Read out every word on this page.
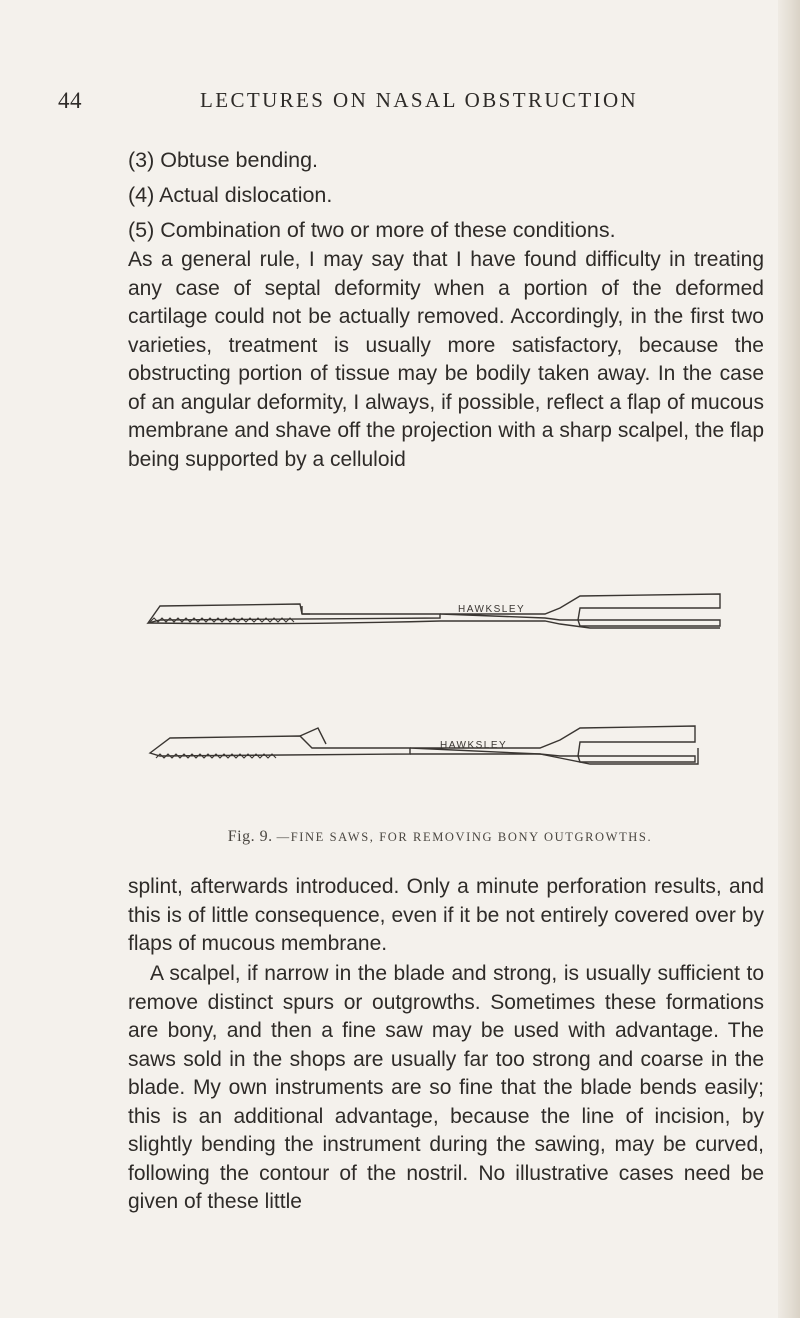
44	LECTURES ON NASAL OBSTRUCTION
(3) Obtuse bending.
(4) Actual dislocation.
(5) Combination of two or more of these conditions.

As a general rule, I may say that I have found difficulty in treating any case of septal deformity when a portion of the deformed cartilage could not be actually removed. Accordingly, in the first two varieties, treatment is usually more satisfactory, because the obstructing portion of tissue may be bodily taken away. In the case of an angular deformity, I always, if possible, reflect a flap of mucous membrane and shave off the projection with a sharp scalpel, the flap being supported by a celluloid

HAWKSLEY
HAWKSLEY
Fig. 9. —FINE SAWS, FOR REMOVING BONY OUTGROWTHS.

splint, afterwards introduced. Only a minute perforation results, and this is of little consequence, even if it be not entirely covered over by flaps of mucous membrane.

A scalpel, if narrow in the blade and strong, is usually sufficient to remove distinct spurs or outgrowths. Sometimes these formations are bony, and then a fine saw may be used with advantage. The saws sold in the shops are usually far too strong and coarse in the blade. My own instruments are so fine that the blade bends easily; this is an additional advantage, because the line of incision, by slightly bending the instrument during the sawing, may be curved, following the contour of the nostril. No illustrative cases need be given of these little
